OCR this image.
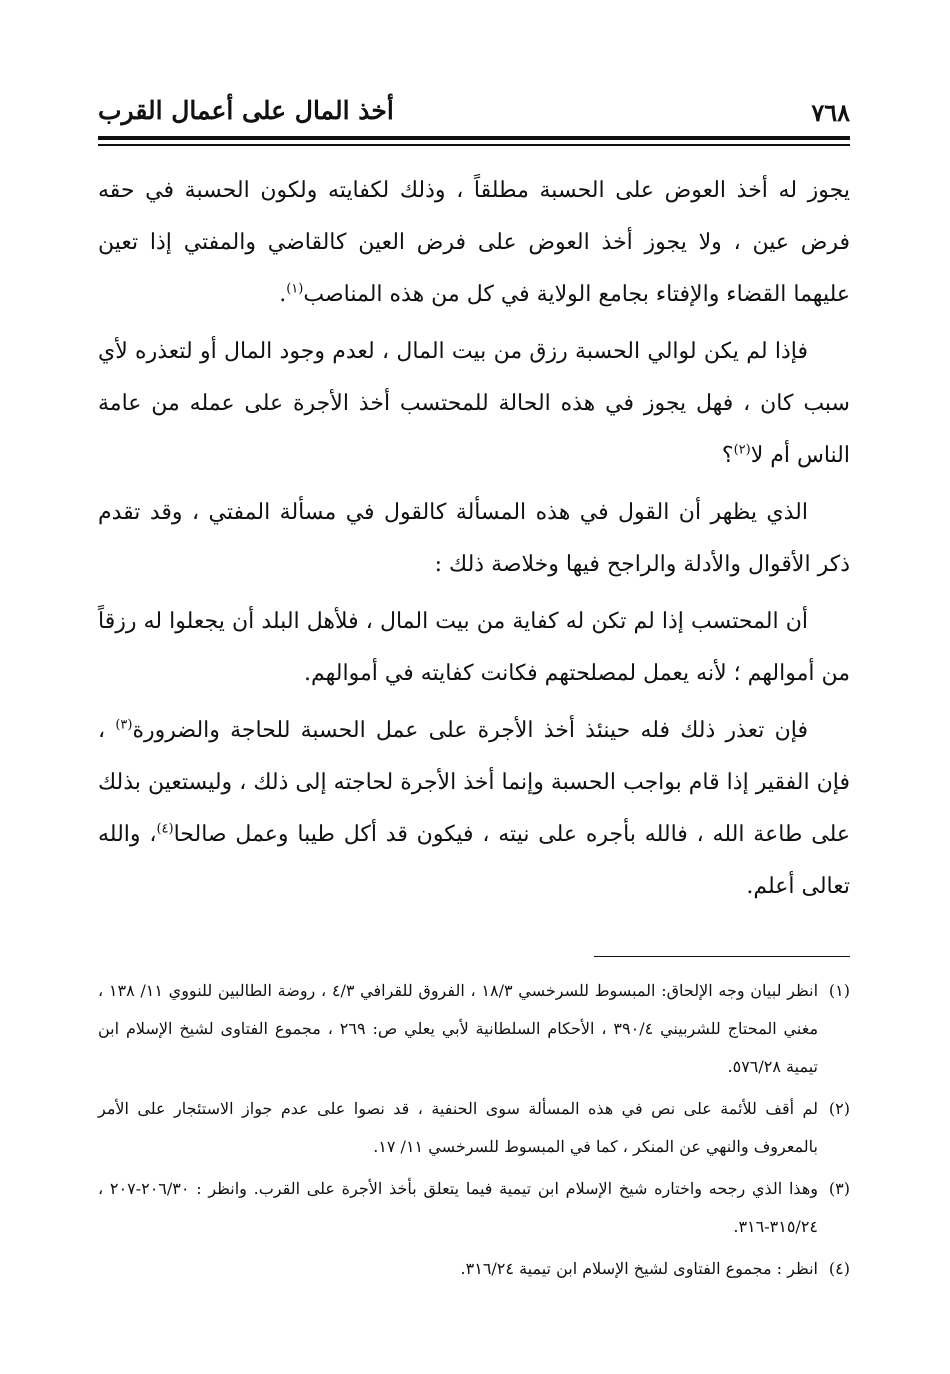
٧٦٨
أخذ المال على أعمال القرب

يجوز له أخذ العوض على الحسبة مطلقاً ، وذلك لكفايته ولكون الحسبة في حقه فرض عين ، ولا يجوز أخذ العوض على فرض العين كالقاضي والمفتي إذا تعين عليهما القضاء والإفتاء بجامع الولاية في كل من هذه المناصب$^{(١)}$.

فإذا لم يكن لوالي الحسبة رزق من بيت المال ، لعدم وجود المال أو لتعذره لأي سبب كان ، فهل يجوز في هذه الحالة للمحتسب أخذ الأجرة على عمله من عامة الناس أم لا$^{(٢)}$؟

الذي يظهر أن القول في هذه المسألة كالقول في مسألة المفتي ، وقد تقدم ذكر الأقوال والأدلة والراجح فيها وخلاصة ذلك :

أن المحتسب إذا لم تكن له كفاية من بيت المال ، فلأهل البلد أن يجعلوا له رزقاً من أموالهم ؛ لأنه يعمل لمصلحتهم فكانت كفايته في أموالهم.

فإن تعذر ذلك فله حينئذ أخذ الأجرة على عمل الحسبة للحاجة والضرورة$^{(٣)}$ ، فإن الفقير إذا قام بواجب الحسبة وإنما أخذ الأجرة لحاجته إلى ذلك ، وليستعين بذلك على طاعة الله ، فالله بأجره على نيته ، فيكون قد أكل طيبا وعمل صالحا$^{(٤)}$، والله تعالى أعلم.

(١)
انظر لبيان وجه الإلحاق: المبسوط للسرخسي ١٨/٣ ، الفروق للقرافي ٤/٣ ، روضة الطالبين للنووي ١١/ ١٣٨ ، مغني المحتاج للشربيني ٣٩٠/٤ ، الأحكام السلطانية لأبي يعلي ص: ٢٦٩ ، مجموع الفتاوى لشيخ الإسلام ابن تيمية ٥٧٦/٢٨.
(٢)
لم أقف للأئمة على نص في هذه المسألة سوى الحنفية ، قد نصوا على عدم جواز الاستئجار على الأمر بالمعروف والنهي عن المنكر ، كما في المبسوط للسرخسي ١١/ ١٧.
(٣)
وهذا الذي رجحه واختاره شيخ الإسلام ابن تيمية فيما يتعلق بأخذ الأجرة على القرب. وانظر : ٢٠٦/٣٠-٢٠٧ ، ٣١٥/٢٤-٣١٦.
(٤)
انظر : مجموع الفتاوى لشيخ الإسلام ابن تيمية ٣١٦/٢٤.
